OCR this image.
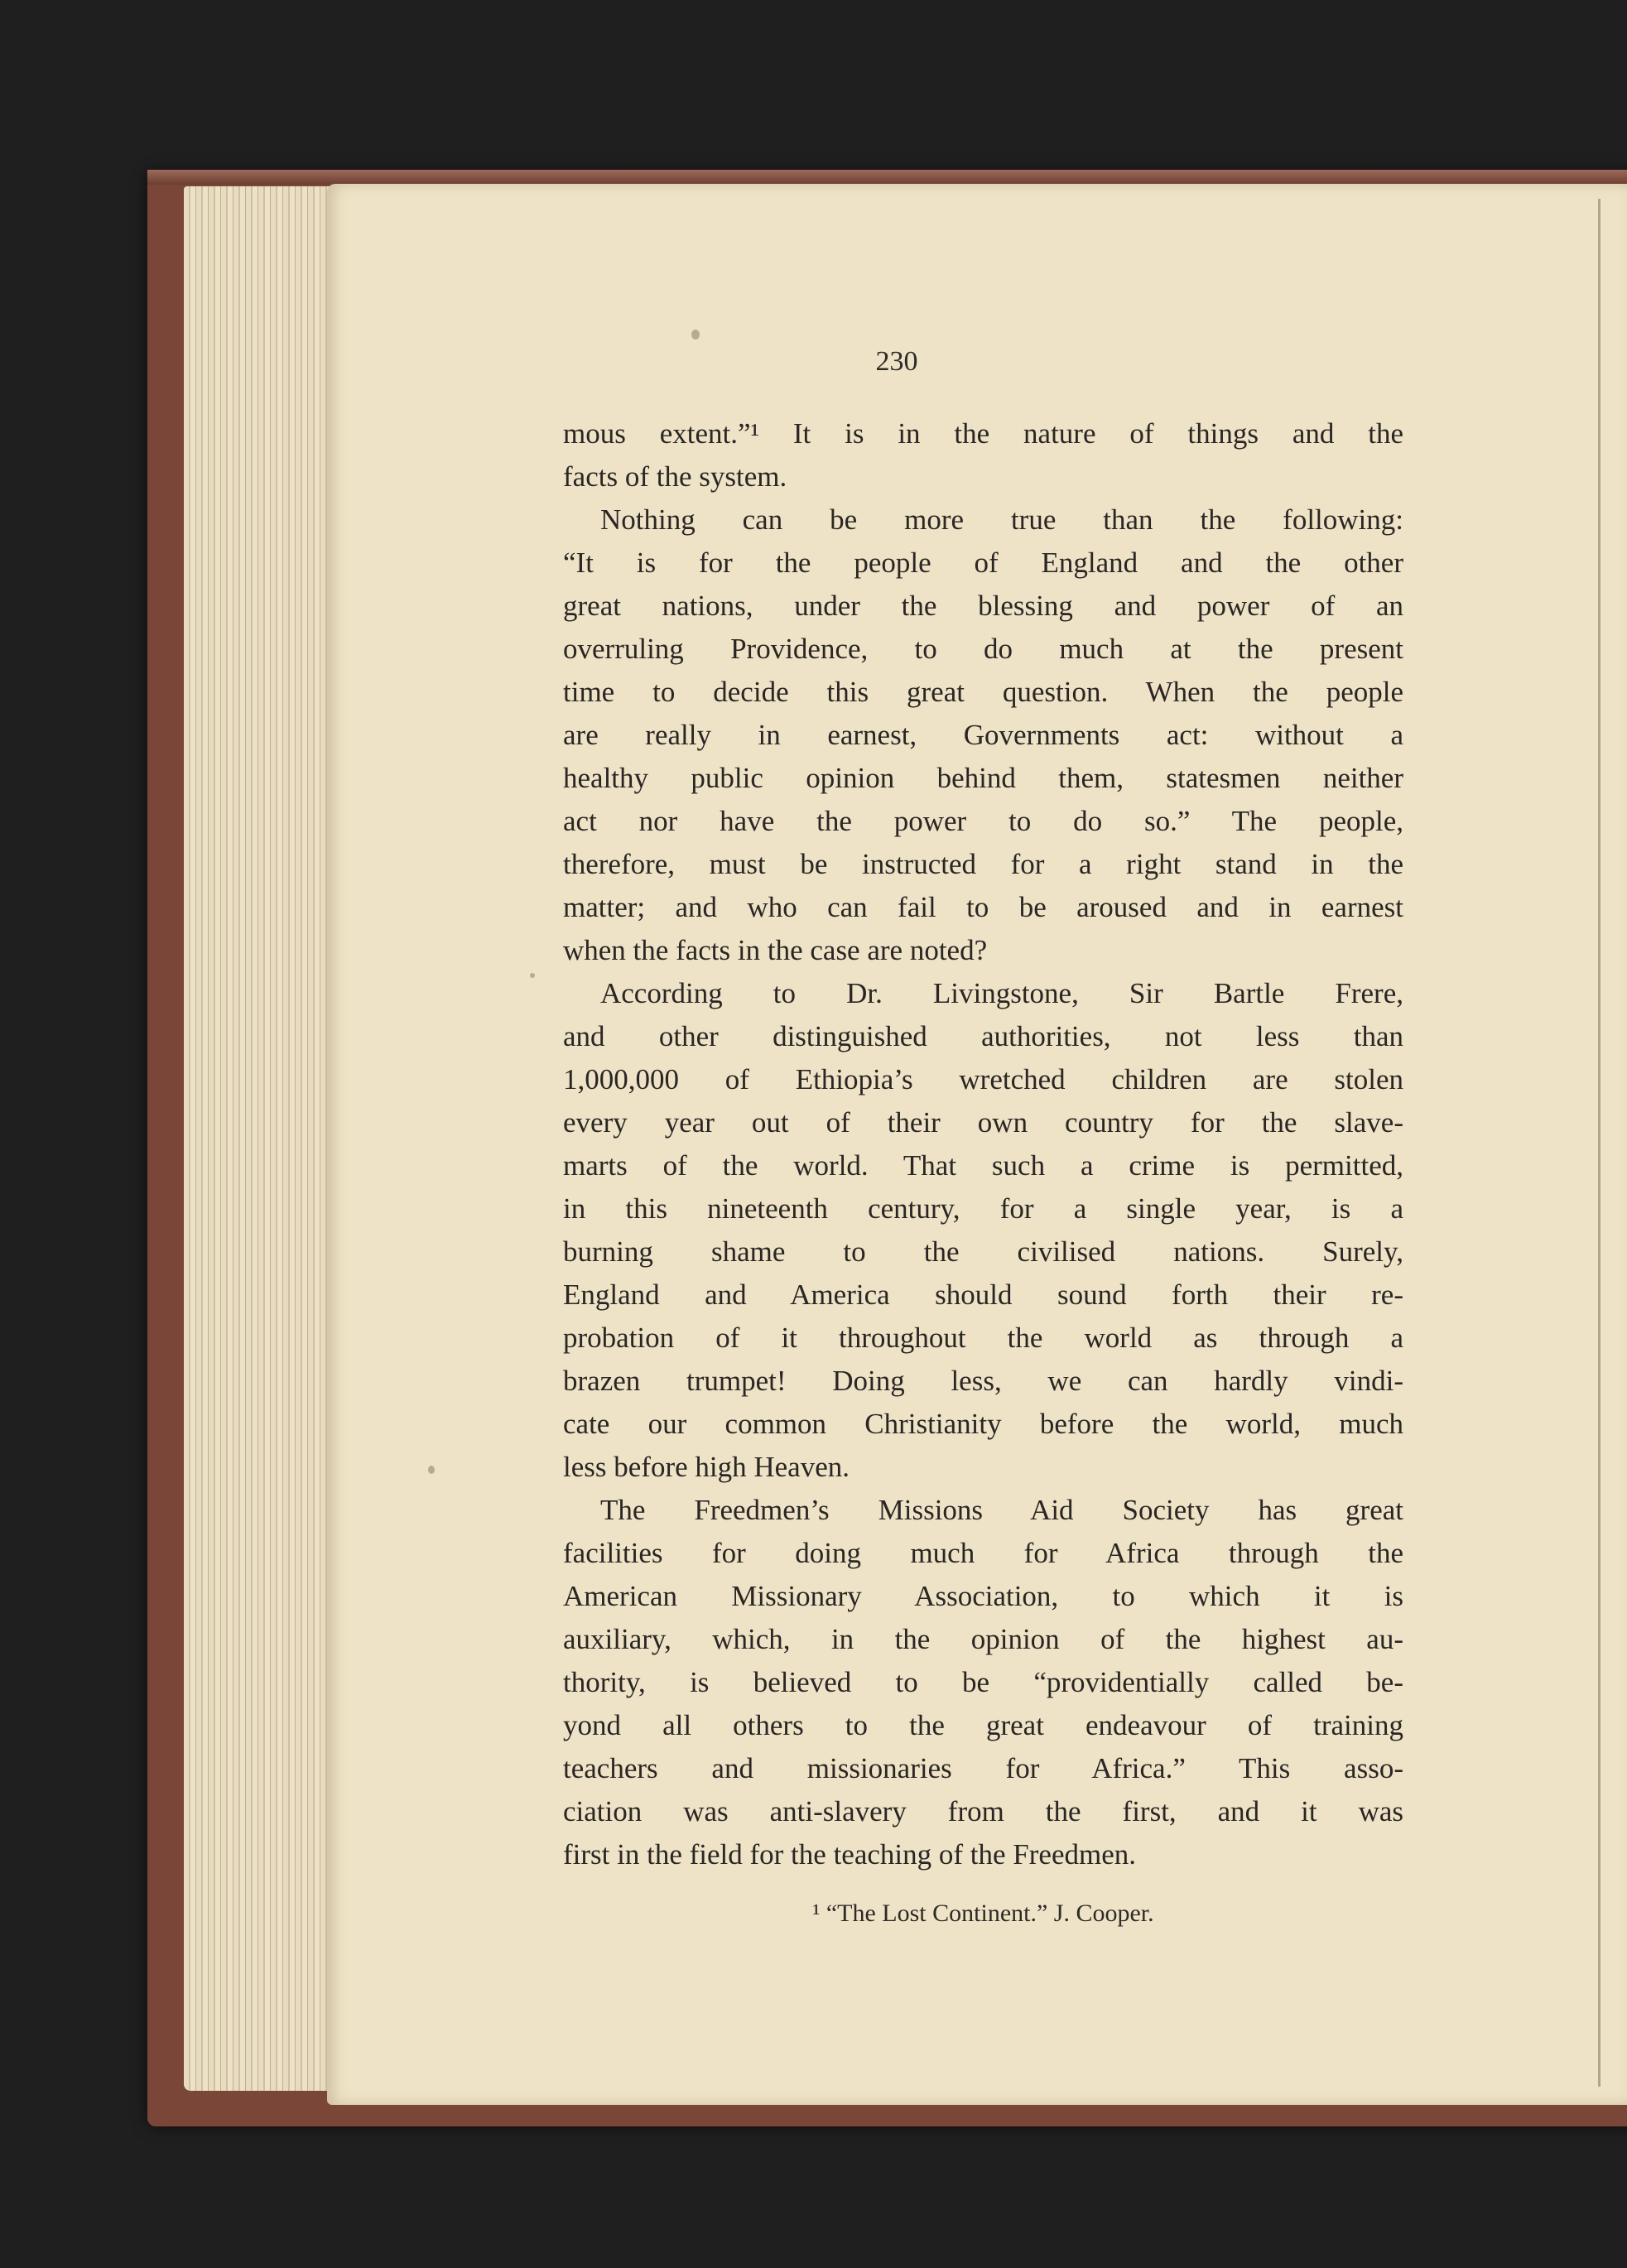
230
mous extent.”¹ It is in the nature of things and the
facts of the system.
Nothing can be more true than the following:
“It is for the people of England and the other
great nations, under the blessing and power of an
overruling Providence, to do much at the present
time to decide this great question. When the people
are really in earnest, Governments act: without a
healthy public opinion behind them, statesmen neither
act nor have the power to do so.” The people,
therefore, must be instructed for a right stand in the
matter; and who can fail to be aroused and in earnest
when the facts in the case are noted?
According to Dr. Livingstone, Sir Bartle Frere,
and other distinguished authorities, not less than
1,000,000 of Ethiopia’s wretched children are stolen
every year out of their own country for the slave-
marts of the world. That such a crime is permitted,
in this nineteenth century, for a single year, is a
burning shame to the civilised nations. Surely,
England and America should sound forth their re-
probation of it throughout the world as through a
brazen trumpet! Doing less, we can hardly vindi-
cate our common Christianity before the world, much
less before high Heaven.
The Freedmen’s Missions Aid Society has great
facilities for doing much for Africa through the
American Missionary Association, to which it is
auxiliary, which, in the opinion of the highest au-
thority, is believed to be “providentially called be-
yond all others to the great endeavour of training
teachers and missionaries for Africa.” This asso-
ciation was anti-slavery from the first, and it was
first in the field for the teaching of the Freedmen.
¹ “The Lost Continent.” J. Cooper.
